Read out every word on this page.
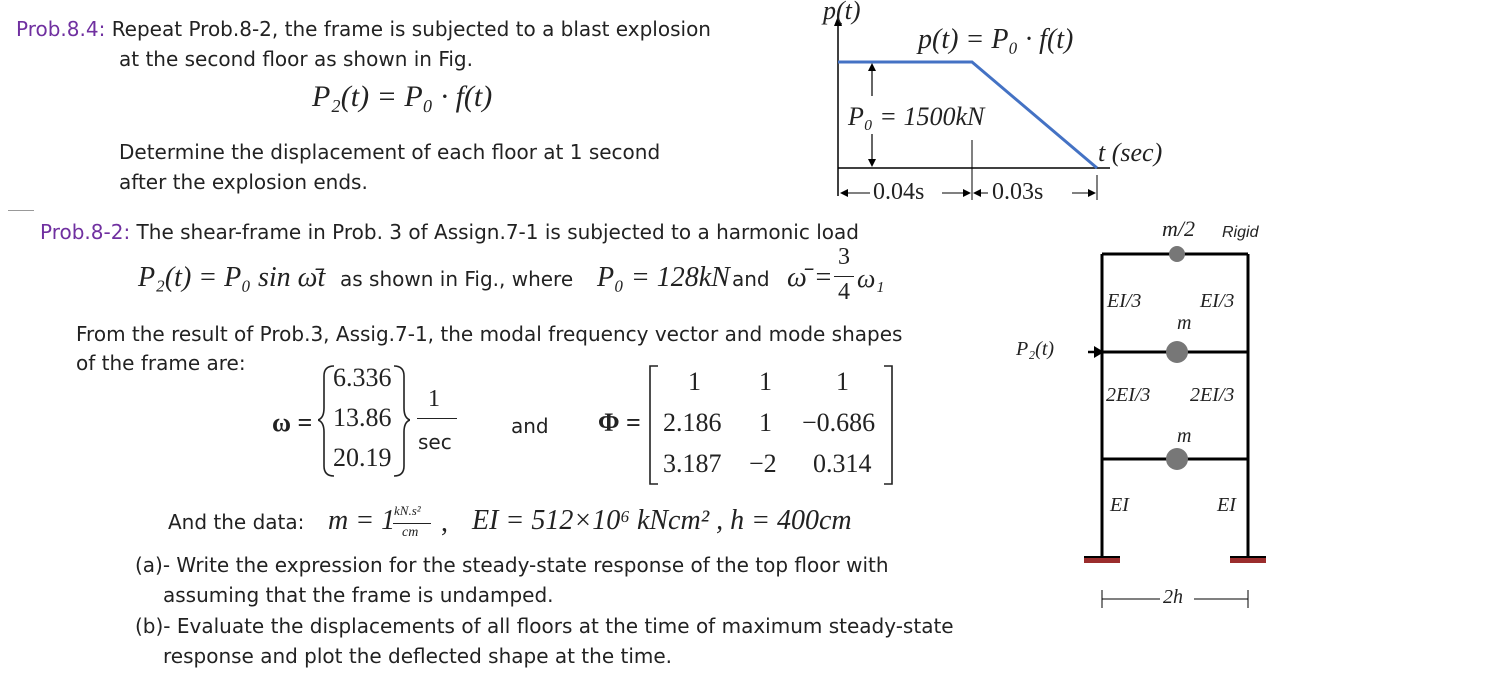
Prob.8.4: Repeat Prob.8-2, the frame is subjected to a blast explosion
at the second floor as shown in Fig.
P₂(t) = P₀ · f(t)
Determine the displacement of each floor at 1 second
after the explosion ends.
p(t)
p(t) = P₀ · f(t)
P₀ = 1500kN
t (sec)
0.04s	0.03s
Prob.8-2: The shear-frame in Prob. 3 of Assign.7-1 is subjected to a harmonic load
P₂(t) = P₀ sin ω̄t as shown in Fig., where P₀ = 128kN and ω̄ =
3
4 ω₁
From the result of Prob.3, Assig.7-1, the modal frequency vector and mode shapes
of the frame are:
ω =
6.336
13.86
20.19
1
sec
and Φ =
1 1 1
2.186 1 −0.686
3.187 −2 0.314
And the data: m = 1
kN.s²
cm , EI = 512×10⁶ kNcm² , h = 400cm
(a)- Write the expression for the steady-state response of the top floor with
assuming that the frame is undamped.
(b)- Evaluate the displacements of all floors at the time of maximum steady-state
response and plot the deflected shape at the time.
m/2 Rigid
EI/3	EI/3
m
P₂(t)
2EI/3 2EI/3
m
EI	EI
2h
